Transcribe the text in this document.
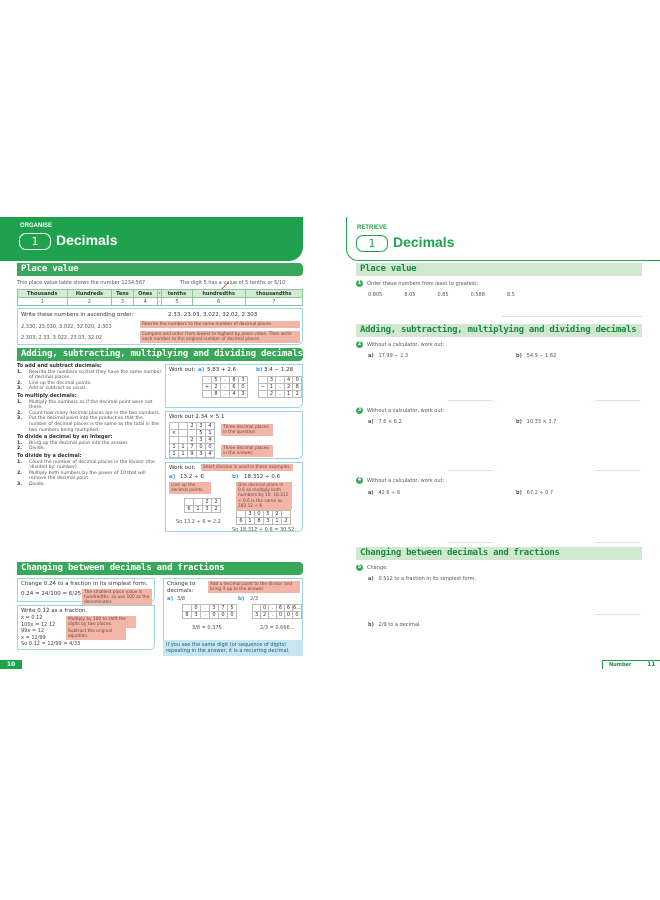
ORGANISE
1	Decimals
Place value
This place value table shows the number 1234.567	The digit 5 has a value of 5 tenths or 5/10
Thousands	Hundreds	Tens	Ones	·	tenths	hundredths	thousandths
1	2	3	4	·	5	6	7
Write these numbers in ascending order:	2.33, 23.03, 3.022, 32.02, 2.303
2.330, 23.030, 3.022, 32.020, 2.303	Rewrite the numbers to the same number of decimal places.
2.303, 2.33, 3.022, 23.03, 32.02
Compare and order from lowest to highest by place value. Then write each number to the original number of decimal places.
Adding, subtracting, multiplying and dividing decimals
To add and subtract decimals:
1. Rewrite the numbers so that they have the same number of decimal places.
2. Line up the decimal points.
3. Add or subtract as usual.
To multiply decimals:
1. Multiply the numbers as if the decimal point were not there.
2. Count how many decimal places are in the two numbers.
3. Put the decimal point into the product so that the number of decimal places is the same as the total in the two numbers being multiplied.
To divide a decimal by an integer:
1. Bring up the decimal point into the answer.
2. Divide.
To divide by a decimal:
1. Count the number of decimal places in the divisor (the 'divided by' number).
2. Multiply both numbers by the power of 10 that will remove the decimal point.
3. Divide.
Work out: a) 5.83 + 2.6	b) 3.4 − 1.28
	5	.	8	3
+	2	.	6	0
	8	.	4	3
	3	.	4	0
−	1	.	2	8
	2	.	1	2
Work out 2.34 × 5.1
		2	3	4
×			5	1
		2	3	4
1	1	7	0	0
1	1	9	3	4
Three decimal places in the question.
Three decimal places in the answer.
Work out:	Short division is used in these examples.
a) 13.2 ÷ 6
Line up the decimal points.
		2	2
6	1	3	2
So 13.2 ÷ 6 = 2.2
b) 18.312 ÷ 0.6
One decimal place in 0.6 so multiply both numbers by 10. 18.312 ÷ 0.6 is the same as 183.12 ÷ 6.
	3	0	5	2	
6	1	8	3	1	2
So 18.312 ÷ 0.6 = 30.52
Changing between decimals and fractions
Change 0.24 to a fraction in its simplest form.
0.24 = 24/100 = 6/25 The smallest place value is hundredths, so use 100 as the denominator.
Write 0.1̇2̇ as a fraction.
x = 0.1̇2̇
100x = 12.1̇2̇
99x = 12
x = 12/99
So 0.1̇2̇ = 12/99 = 4/33
Multiply by 100 to shift the digits by two places.
Subtract the original equation.
Change to decimals:
Add a decimal point to the divisor and bring it up to the answer.
a) 3/8
	0	.	3	7	5
8	3	.	0	0	0
3/8 = 0.375
b) 2/3
	0	.	6	6	6...
3	2	.	0	0	0
2/3 = 0.666...
If you see the same digit (or sequence of digits) repeating in the answer, it is a recurring decimal.
10
RETRIEVE
1	Decimals
Place value
1 Order these numbers from least to greatest:
0.805	8.05	0.85	0.588	8.5
Adding, subtracting, multiplying and dividing decimals
2 Without a calculator, work out:
a) 17.99 − 2.3	b) 54.9 − 1.62
3 Without a calculator, work out:
a) 7.6 × 6.2	b) 10.33 × 3.7
4 Without a calculator, work out:
a) 42.6 ÷ 6	b) 67.2 ÷ 0.7
Changing between decimals and fractions
5 Change:
a) 0.512 to a fraction in its simplest form.
b) 2/9 to a decimal.
Number	11
